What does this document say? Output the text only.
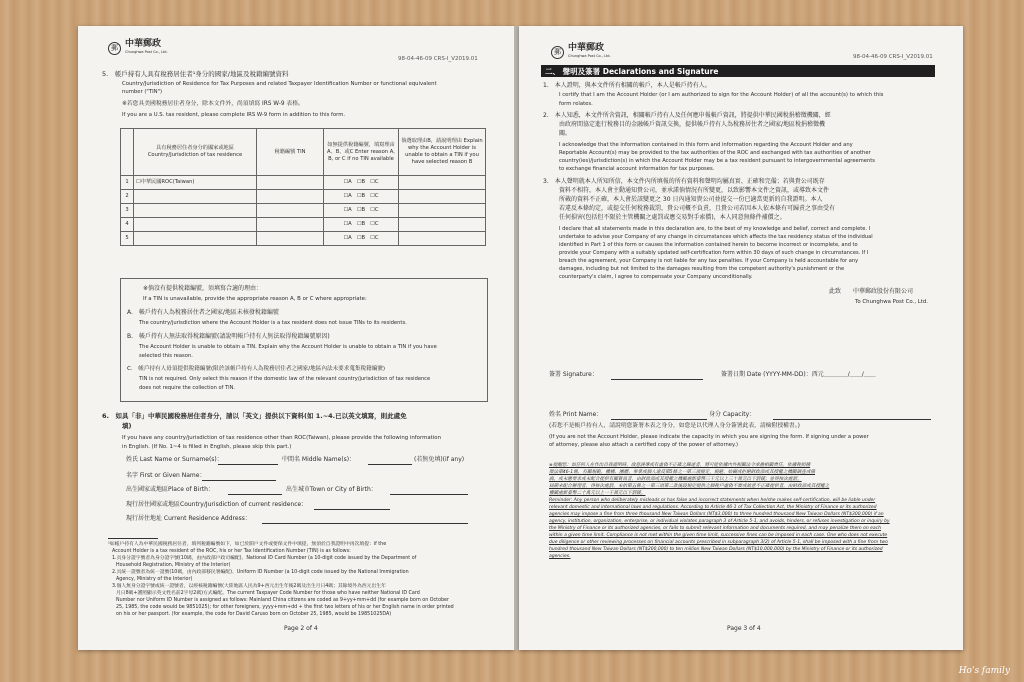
郵 中華郵政
Chunghwa Post Co., Ltd.
98-04-46-09 CRS-I_V2019.01
5.　帳戶持有人具有稅務居住者¹身分的國家/地區及稅籍編號資料
Country/Jurisdiction of Residence for Tax Purposes and related Taxpayer Identification Number or functional equivalent
number ("TIN")
※若您具美國稅務居住者身分，除本文件外，尚須填寫 IRS W-9 表格。
If you are a U.S. tax resident, please complete IRS W-9 form in addition to this form.
	具有稅務居住者身分的國家或地區 Country/Jurisdiction of tax residence	稅籍編號 TIN	如無提供稅籍編號，填寫理由A、B、或C Enter reason A, B, or C if no TIN available	倘選取理由B，請說明理由 Explain why the Account Holder is unable to obtain a TIN if you have selected reason B
1	☐中華民國ROC(Taiwan)		☐A　☐B　☐C	
2			☐A　☐B　☐C	
3			☐A　☐B　☐C	
4			☐A　☐B　☐C	
5			☐A　☐B　☐C	
※倘沒有提供稅籍編號，須填寫合適的理由：
If a TIN is unavailable, provide the appropriate reason A, B or C where appropriate:
A.　帳戶持有人為稅務居住者之國家/地區未核發稅籍編號
The country/jurisdiction where the Account Holder is a tax resident does not issue TINs to its residents.
B.　帳戶持有人無法取得稅籍編號(請說明帳戶持有人無法取得稅籍編號原因)
The Account Holder is unable to obtain a TIN. Explain why the Account Holder is unable to obtain a TIN if you have
selected this reason.
C.　帳戶持有人毋須提供稅籍編號(限於該帳戶持有人為稅務居住者之國家/地區內法未要求蒐集稅籍編號)
TIN is not required. Only select this reason if the domestic law of the relevant country/jurisdiction of tax residence
does not require the collection of TIN.
6.　如具「非」中華民國稅務居住者身分，請以「英文」提供以下資料(如 1.~4.已以英文填寫，則此處免
填)
If you have any country/jurisdiction of tax residence other than ROC(Taiwan), please provide the following information
in English. (If No. 1~4 is filled in English, please skip this part.)
姓氏 Last Name or Surname(s)：	中間名 Middle Name(s)：	(若無免填)(if any)
名字 First or Given Name：
出生國家或地區Place of Birth：	出生城市Town or City of Birth：
現行居住國家或地區Country/Jurisdiction of current residence：
現行居住地址 Current Residence Address：
¹如帳戶持有人為中華民國稅務居住者，填列稅籍編號如下，如已於開戶文件或要保文件中填提，無須於自我證明中再次填提：if the
Account Holder is a tax resident of the ROC, his or her Tax Identification Number (TIN) is as follows:
1.具身分證字號者為身分證字號(10碼，由內政部戶政司編配)、National ID Card Number (a 10-digit code issued by the Department of
Household Registration, Ministry of the Interior)
2.具統一證號者為統一證號(10碼，由內政部移民署編配)、Uniform ID Number (a 10-digit code issued by the National Immigration
Agency, Ministry of the Interior)
3.個人無身分證字號或統一證號者，以經核稅籍編號(大陸地區人民為9+西元出生年後2碼及出生月日4碼；其餘境外為西元出生年
月日8碼+護照顯示英文姓名前2字母2碼)方式編配。The current Taxpayer Code Number for those who have neither National ID Card
Number nor Uniform ID Number is assigned as follows: Mainland China citizens are coded as 9+yy+mm+dd (for example born on October
25, 1985, the code would be 9851025); for other foreigners, yyyy+mm+dd + the first two letters of his or her English name in order printed
on his or her passport. (for example, the code for David Caruso born on October 25, 1985, would be 19851025DA)
Page 2 of 4
郵 中華郵政
Chunghwa Post Co., Ltd.	98-04-46-09 CRS-I_V2019.01
二、 聲明及簽署 Declarations and Signature
1.　本人證明，與本文件所有相關的帳戶，本人是帳戶持有人。
I certify that I am the Account Holder (or I am authorized to sign for the Account Holder) of all the account(s) to which this
form relates.
2.　本人知悉，本文件所含資訊，相關帳戶持有人及任何應申報帳戶資訊，將提供中華民國稅捐稽徵機關，經
由政府間協定進行稅務目的金融帳戶資訊交換，提供帳戶持有人為稅務居住者之國家/地區稅捐稽徵機
關。
I acknowledge that the information contained in this form and information regarding the Account Holder and any
Reportable Account(s) may be provided to the tax authorities of the ROC and exchanged with tax authorities of another
country(ies)/jurisdiction(s) in which the Account Holder may be a tax resident pursuant to intergovernmental agreements
to exchange financial account information for tax purposes.
3.　本人聲明就本人所知所信，本文件內所填報的所有資料和聲明均屬真實、正確和完備；若與貴公司既存
資料不相符，本人會主動通知貴公司，並承諾倘情況有所變更，以致影響本文件之資訊，或導致本文件
所載的資料不正確，本人會於該變更之 30 日內通知貴公司並提交一份已適當更新的自我證明。本人
若違反本條約定，或提交任何稅務裁罰，貴公司概不負責，且貴公司若因本人依本條有可歸責之事由受有
任何損害(包括但不限於主管機關之處罰或應交易對手索償)，本人同意無條件補償之。
I declare that all statements made in this declaration are, to the best of my knowledge and belief, correct and complete. I
undertake to advise your Company of any change in circumstances which affects the tax residency status of the individual
identified in Part 1 of this form or causes the information contained herein to become incorrect or incomplete, and to
provide your Company with a suitably updated self-certification form within 30 days of such change in circumstances. If I
breach the agreement, your Company is not liable for any tax penalties. If your Company is held accountable for any
damages, including but not limited to the damages resulting from the competent authority's punishment or the
counterparty's claim, I agree to compensate your Company unconditionally.
此致　　中華郵政股份有限公司
To Chunghwa Post Co., Ltd.
簽署 Signature：	簽署日期 Date (YYYY-MM-DD)：西元＿＿＿＿/＿＿/＿＿
姓名 Print Name：	身分 Capacity：
(若您不是帳戶持有人，請說明您簽署本表之身分，如您是以代理人身分簽署此表，請檢附授權書。)
(If you are not the Account Holder, please indicate the capacity in which you are signing the form. If signing under a power
of attorney, please also attach a certified copy of the power of attorney.)
※提醒您：如任何人在作出自我證明時，故意誤導或有虛偽不正確之陳述者，將可能依據內外相關法令承擔相關責任。依據稅捐稽
徵法第46-1條，有關規範、機構、團體、事業或個人違反第5條之一第三項規定，規避、妨礙或拒絕財政部或其授權之機關調查或備
詢，或未應要求或未配合提供有關資訊者，由財政部或其授權之機關處新臺幣三千元以上三十萬元以下罰鍰；並得按次處罰。
屆期未配合辦理者，得按次處罰。未依第五條之一第三項第二款後段規定提供之個稅戶虛偽不實或故意不正確提供者，由財政部或其授權之
機關處新臺幣二十萬元以上一千萬元以下罰鍰。
Reminder: Any person who deliberately misleads or has false and incorrect statements when he/she makes self-certification, will be liable under
relevant domestic and international laws and regulations. According to Article 46-1 of Tax Collection Act, the Ministry of Finance or its authorized
agencies may impose a fine from three thousand New Taiwan Dollars (NT$3,000) to three hundred thousand New Taiwan Dollars (NT$300,000) if an
agency, institution, organization, enterprise, or individual violates paragraph 3 of Article 5-1, and avoids, hinders, or refuses investigation or inquiry by
the Ministry of Finance or its authorized agencies, or fails to submit relevant information and documents required, and may penalize them on each
within a given time limit. Compliance is not met within the given time limit, successive fines can be imposed in each case. One who does not execute
due diligence or other reviewing processes on financial accounts prescribed in subparagraph 3(2) of Article 5-1, shall be imposed with a fine from two
hundred thousand New Taiwan Dollars (NT$200,000) to ten million New Taiwan Dollars (NT$10,000,000) by the Ministry of Finance or its authorized
agencies.
Page 3 of 4
Ho's family
